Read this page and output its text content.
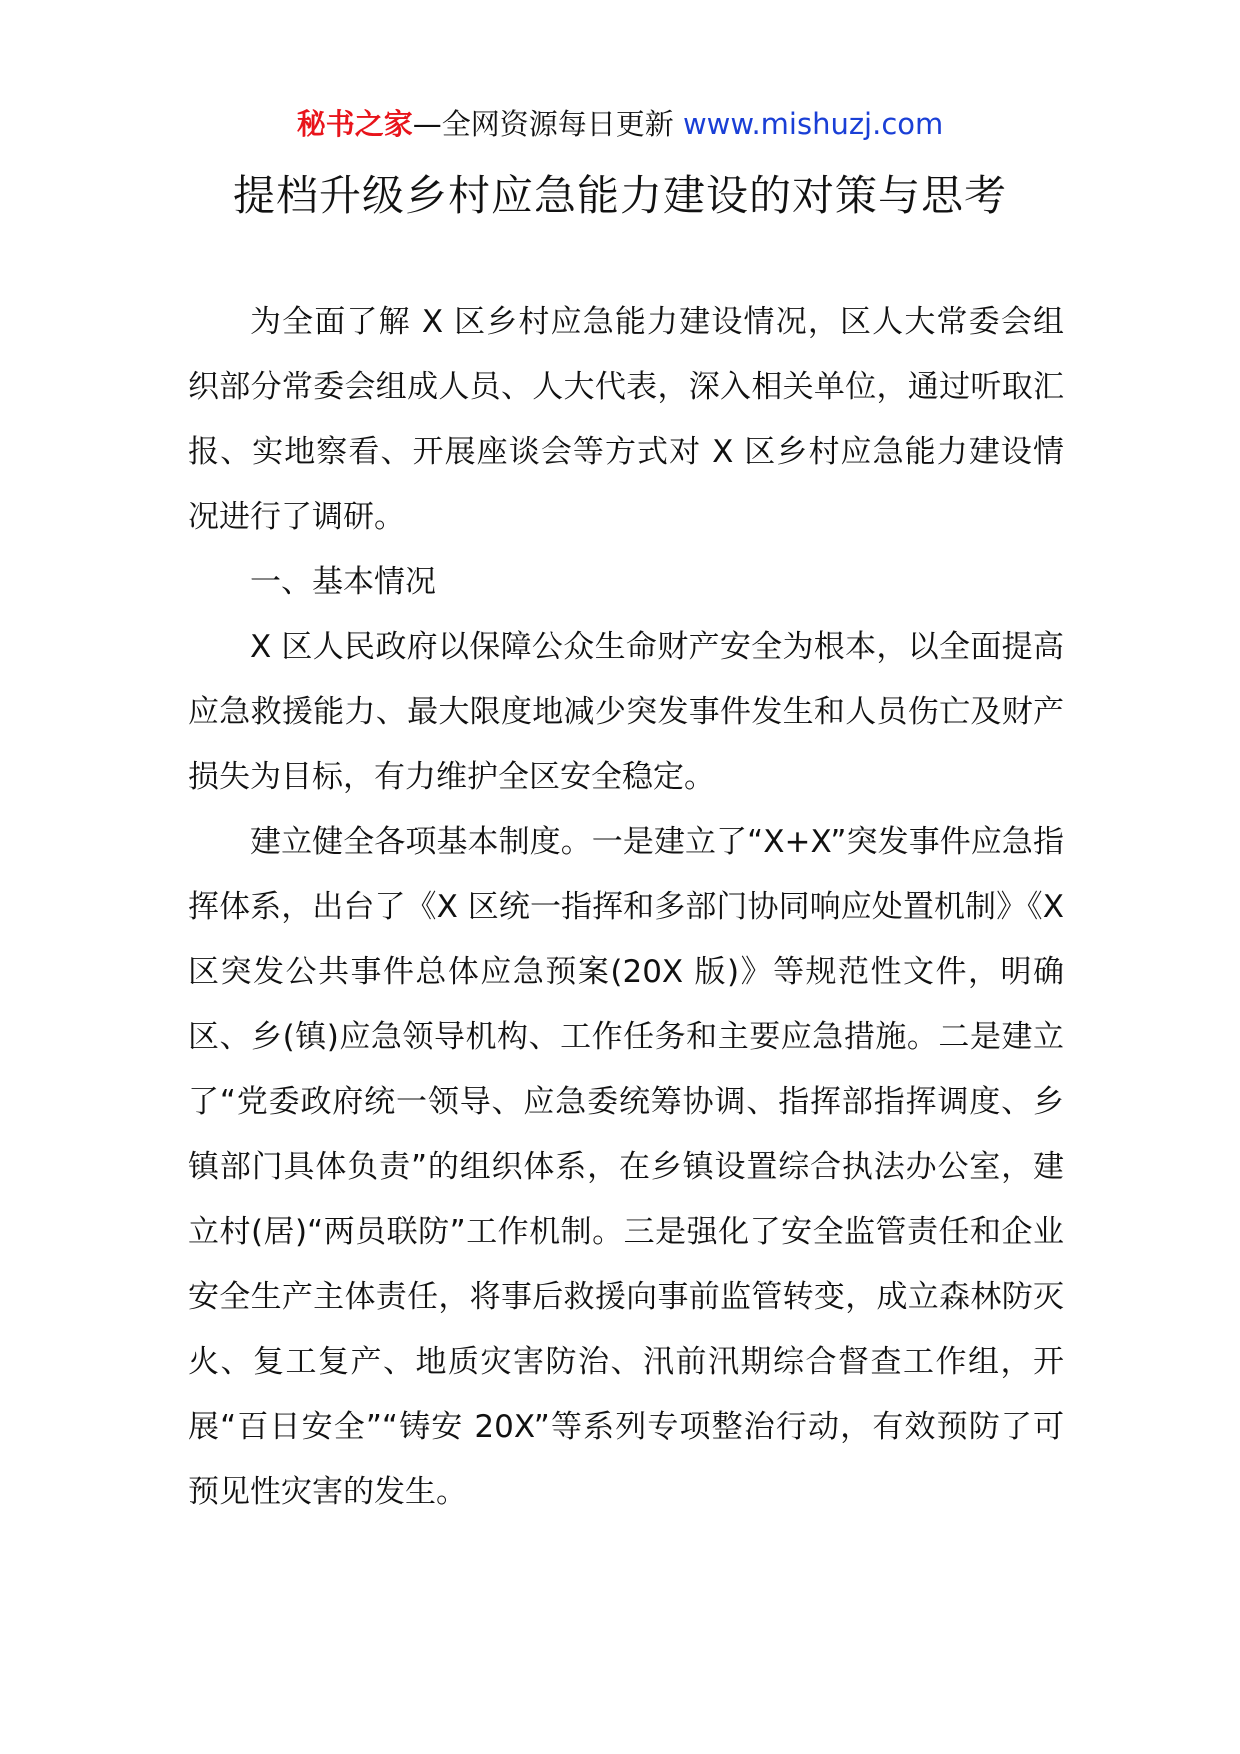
秘书之家—全网资源每日更新 www.mishuzj.com
提档升级乡村应急能力建设的对策与思考

为全面了解 X 区乡村应急能力建设情况，区人大常委会组织部分常委会组成人员、人大代表，深入相关单位，通过听取汇报、实地察看、开展座谈会等方式对 X 区乡村应急能力建设情况进行了调研。

一、基本情况

X 区人民政府以保障公众生命财产安全为根本，以全面提高应急救援能力、最大限度地减少突发事件发生和人员伤亡及财产损失为目标，有力维护全区安全稳定。

建立健全各项基本制度。一是建立了“X+X”突发事件应急指挥体系，出台了《X 区统一指挥和多部门协同响应处置机制》《X 区突发公共事件总体应急预案(20X 版)》等规范性文件，明确区、乡(镇)应急领导机构、工作任务和主要应急措施。二是建立了“党委政府统一领导、应急委统筹协调、指挥部指挥调度、乡镇部门具体负责”的组织体系，在乡镇设置综合执法办公室，建立村(居)“两员联防”工作机制。三是强化了安全监管责任和企业安全生产主体责任，将事后救援向事前监管转变，成立森林防灭火、复工复产、地质灾害防治、汛前汛期综合督查工作组，开展“百日安全”“铸安 20X”等系列专项整治行动，有效预防了可预见性灾害的发生。
